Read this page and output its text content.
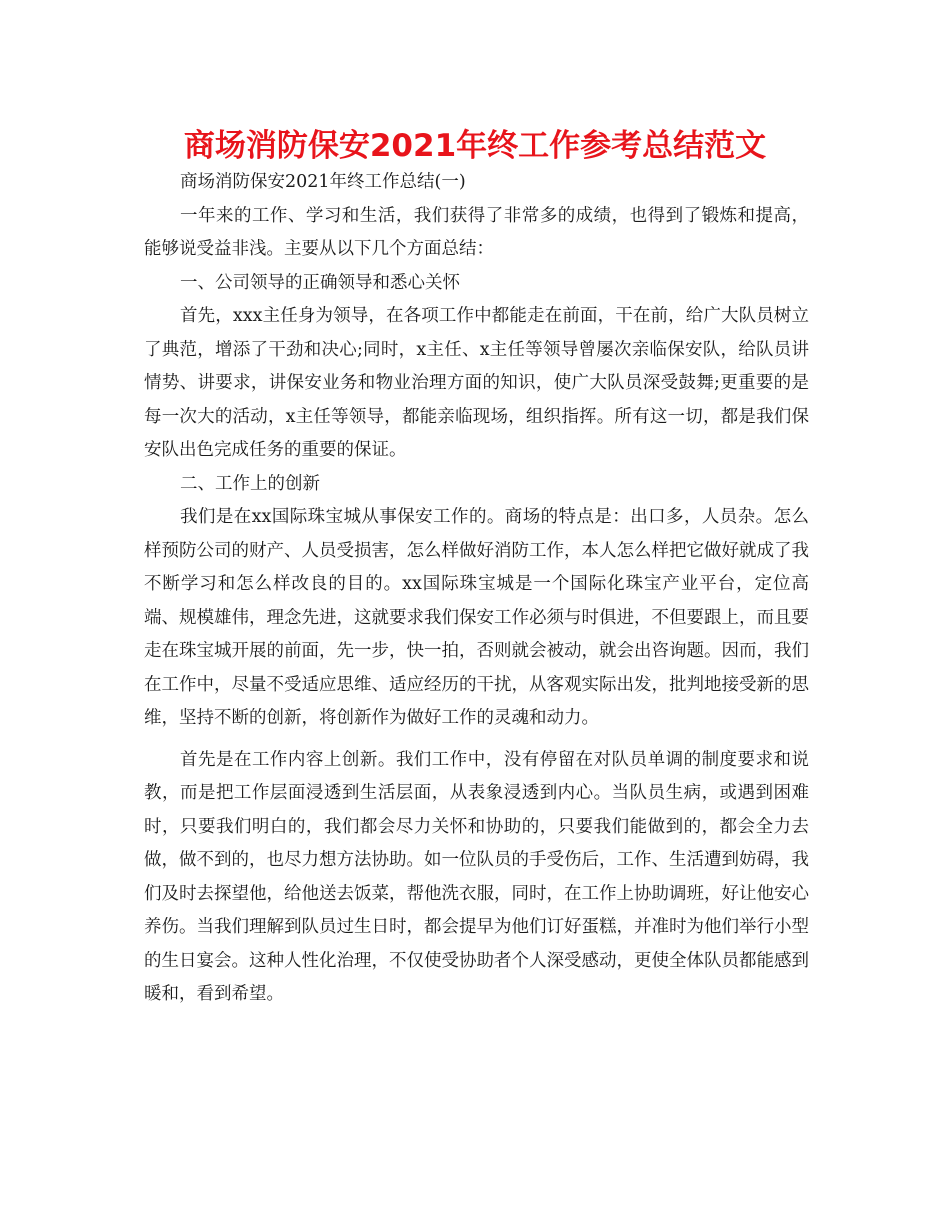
商场消防保安2021年终工作参考总结范文

商场消防保安2021年终工作总结(一)

一年来的工作、学习和生活，我们获得了非常多的成绩，也得到了锻炼和提高，能够说受益非浅。主要从以下几个方面总结：

一、公司领导的正确领导和悉心关怀

首先，xxx主任身为领导，在各项工作中都能走在前面，干在前，给广大队员树立了典范，增添了干劲和决心;同时，x主任、x主任等领导曾屡次亲临保安队，给队员讲情势、讲要求，讲保安业务和物业治理方面的知识，使广大队员深受鼓舞;更重要的是每一次大的活动，x主任等领导，都能亲临现场，组织指挥。所有这一切，都是我们保安队出色完成任务的重要的保证。

二、工作上的创新

我们是在xx国际珠宝城从事保安工作的。商场的特点是：出口多，人员杂。怎么样预防公司的财产、人员受损害，怎么样做好消防工作，本人怎么样把它做好就成了我不断学习和怎么样改良的目的。xx国际珠宝城是一个国际化珠宝产业平台，定位高端、规模雄伟，理念先进，这就要求我们保安工作必须与时俱进，不但要跟上，而且要走在珠宝城开展的前面，先一步，快一拍，否则就会被动，就会出咨询题。因而，我们在工作中，尽量不受适应思维、适应经历的干扰，从客观实际出发，批判地接受新的思维，坚持不断的创新，将创新作为做好工作的灵魂和动力。

首先是在工作内容上创新。我们工作中，没有停留在对队员单调的制度要求和说教，而是把工作层面浸透到生活层面，从表象浸透到内心。当队员生病，或遇到困难时，只要我们明白的，我们都会尽力关怀和协助的，只要我们能做到的，都会全力去做，做不到的，也尽力想方法协助。如一位队员的手受伤后，工作、生活遭到妨碍，我们及时去探望他，给他送去饭菜，帮他洗衣服，同时，在工作上协助调班，好让他安心养伤。当我们理解到队员过生日时，都会提早为他们订好蛋糕，并准时为他们举行小型的生日宴会。这种人性化治理，不仅使受协助者个人深受感动，更使全体队员都能感到暖和，看到希望。
